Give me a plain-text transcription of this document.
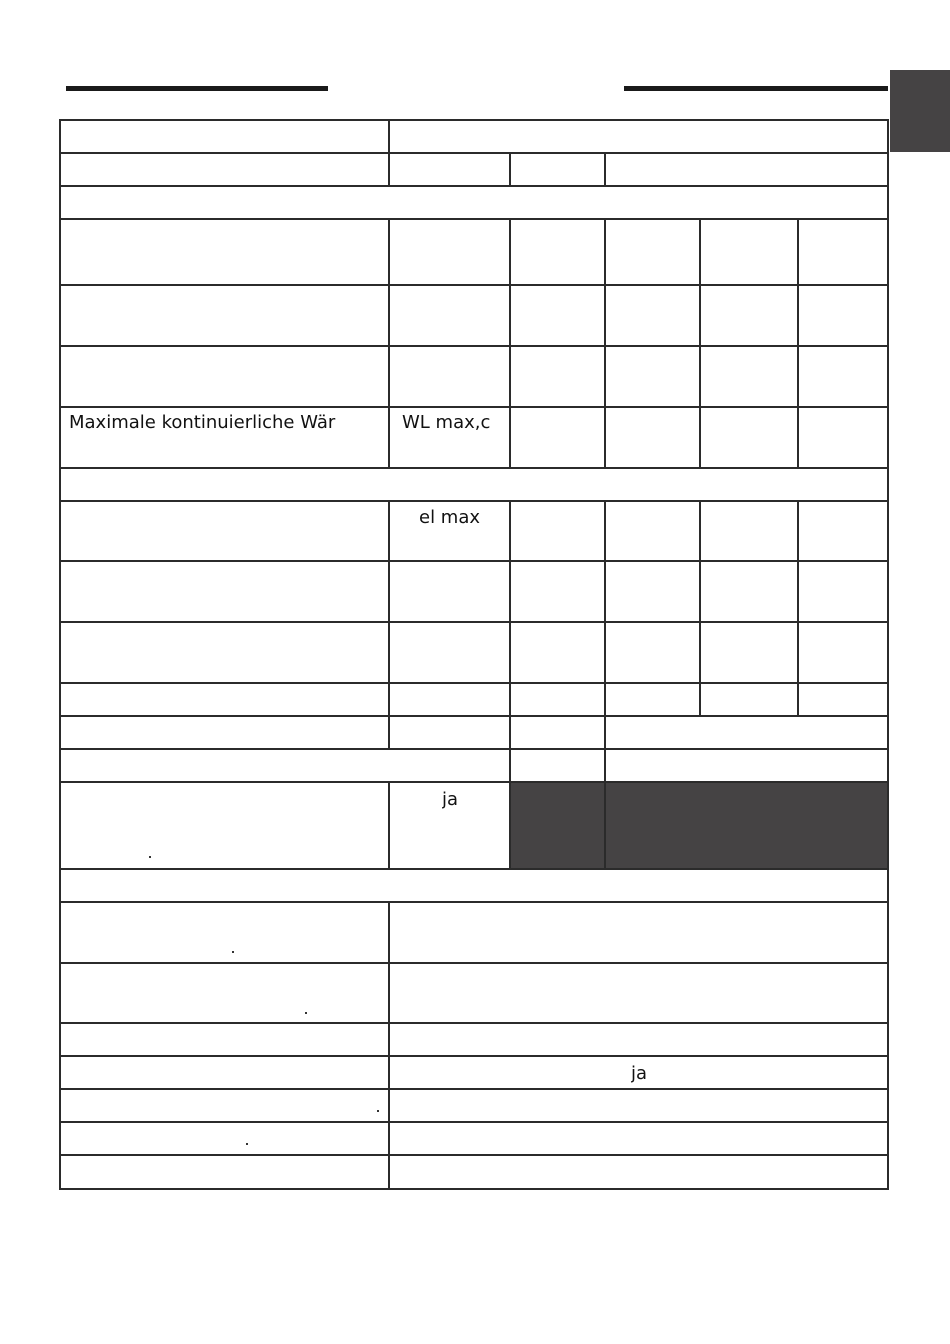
Maximale kontinuierliche Wär	WL max,c
el max
ja
ja
